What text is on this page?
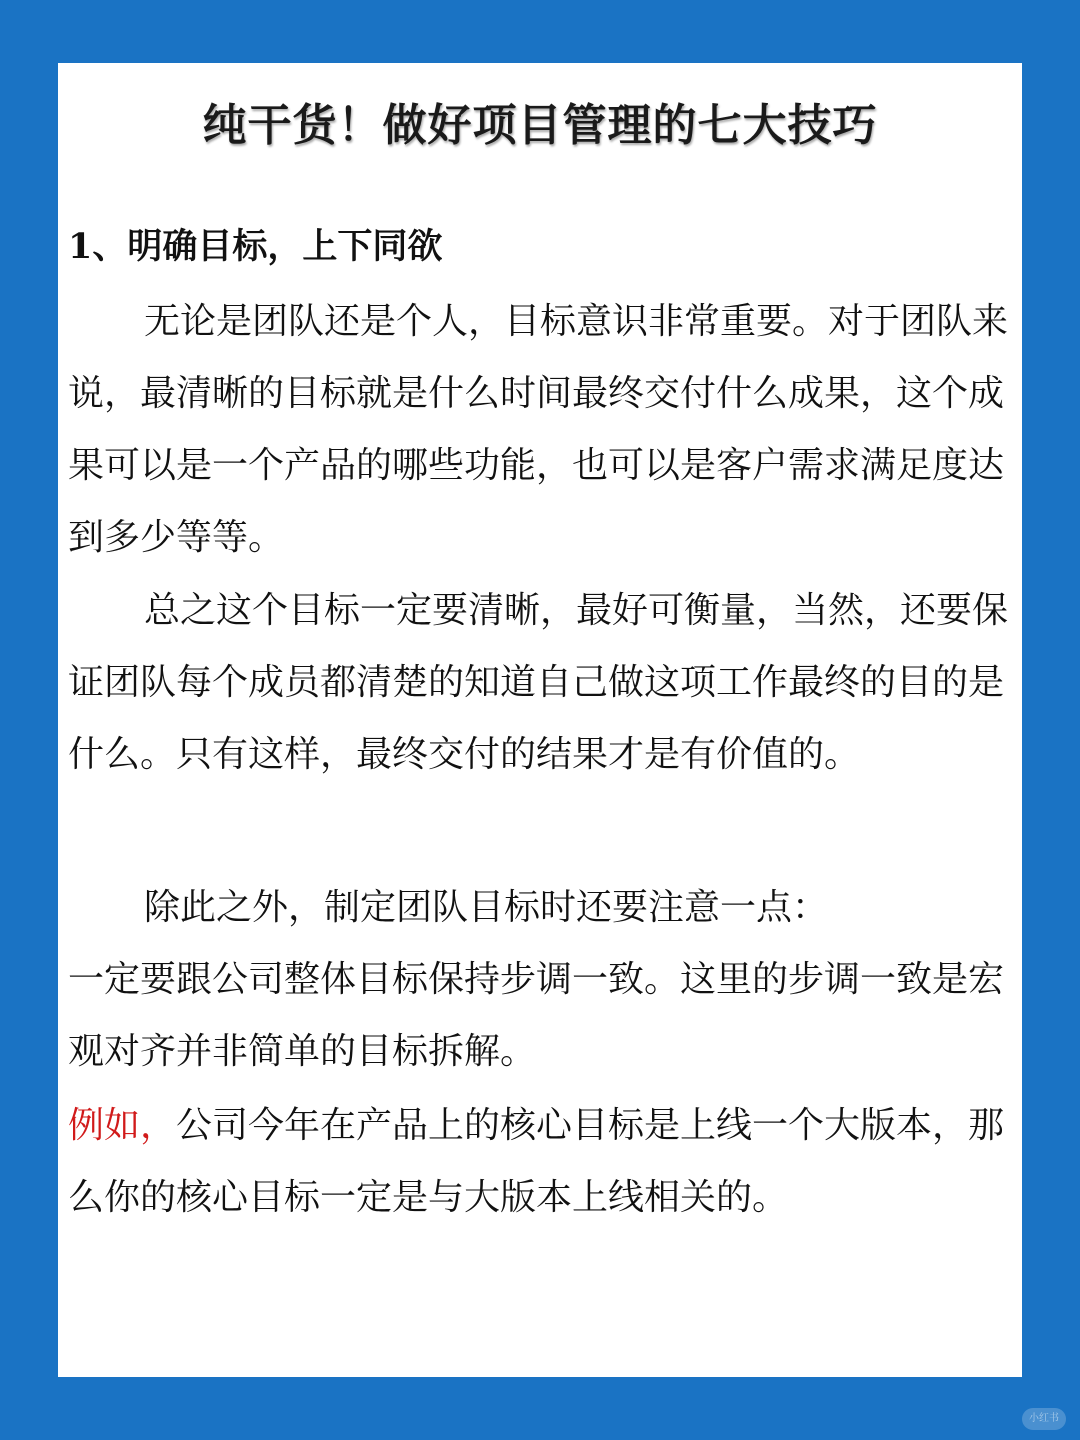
纯干货！做好项目管理的七大技巧
1、明确目标，上下同欲

无论是团队还是个人，目标意识非常重要。对于团队来说，最清晰的目标就是什么时间最终交付什么成果，这个成果可以是一个产品的哪些功能，也可以是客户需求满足度达到多少等等。

总之这个目标一定要清晰，最好可衡量，当然，还要保证团队每个成员都清楚的知道自己做这项工作最终的目的是什么。只有这样，最终交付的结果才是有价值的。

除此之外，制定团队目标时还要注意一点：

一定要跟公司整体目标保持步调一致。这里的步调一致是宏观对齐并非简单的目标拆解。

例如，公司今年在产品上的核心目标是上线一个大版本，那么你的核心目标一定是与大版本上线相关的。

小红书
